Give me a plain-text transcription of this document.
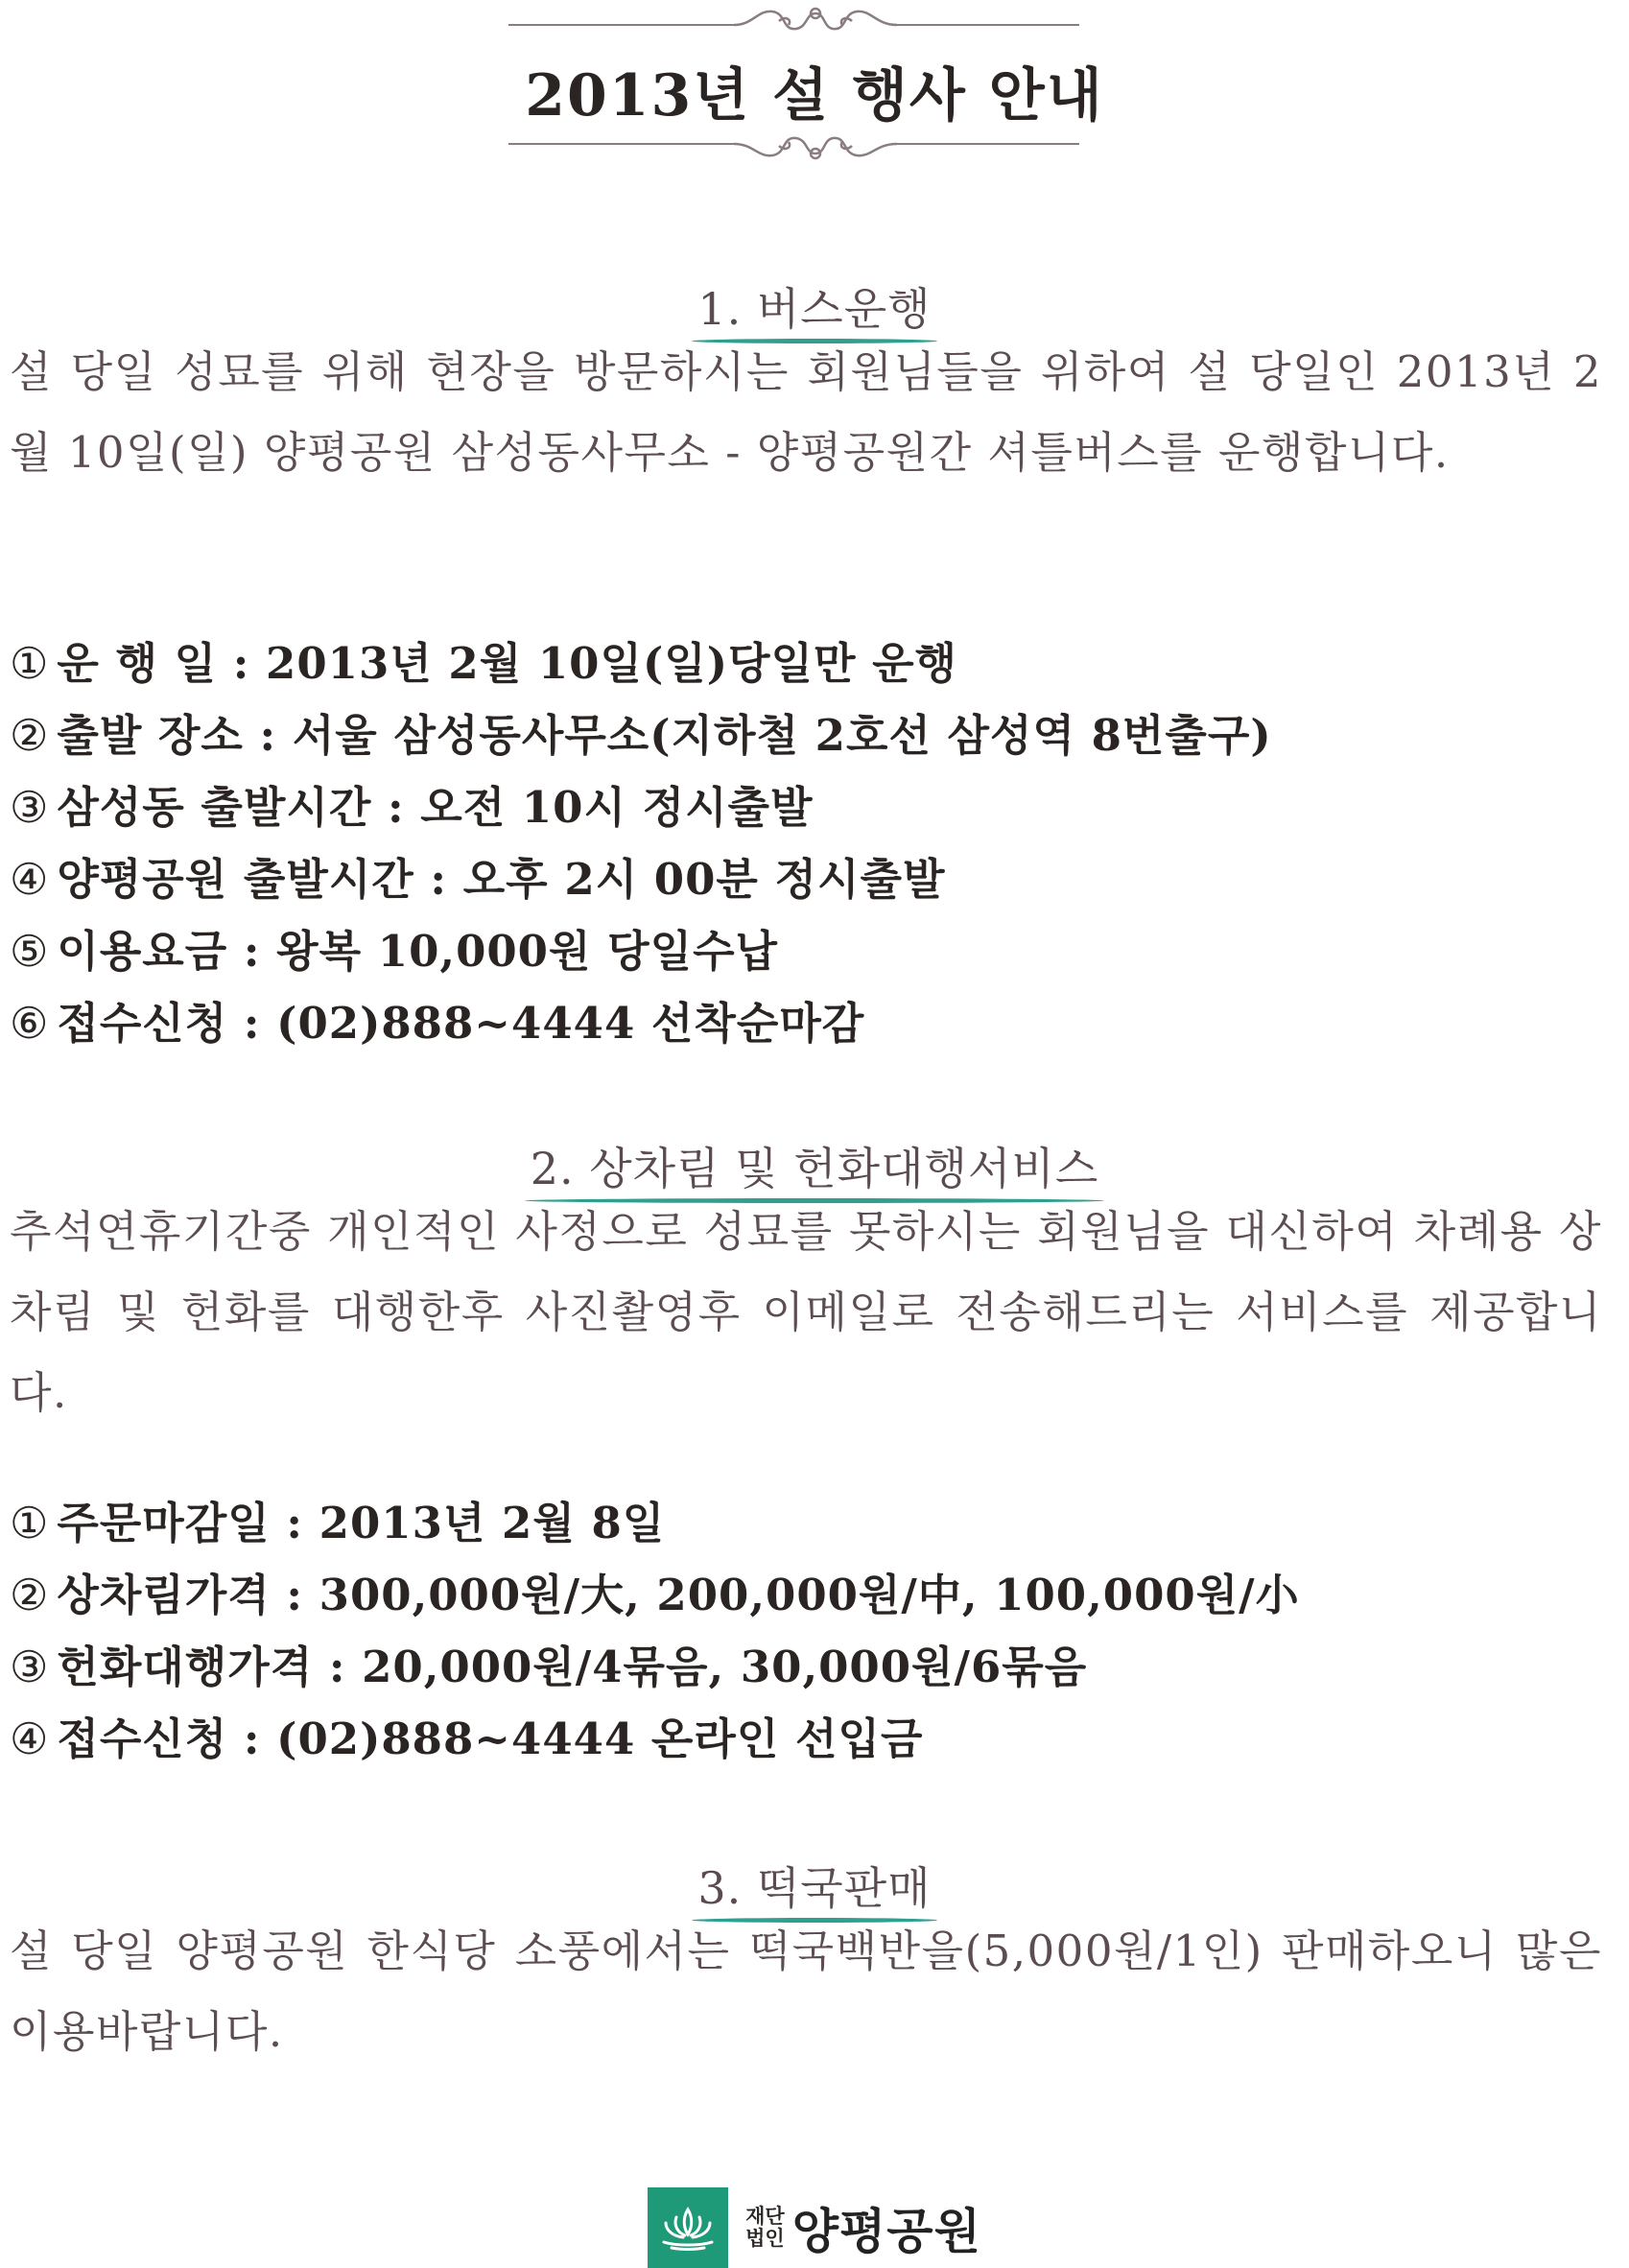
2013년 설 행사 안내
1. 버스운행

설 당일 성묘를 위해 현장을 방문하시는 회원님들을 위하여 설 당일인 2013년 2월 10일(일) 양평공원 삼성동사무소 - 양평공원간 셔틀버스를 운행합니다.

① 운 행 일 : 2013년 2월 10일(일)당일만 운행
② 출발 장소 : 서울 삼성동사무소(지하철 2호선 삼성역 8번출구)
③ 삼성동 출발시간 : 오전 10시 정시출발
④ 양평공원 출발시간 : 오후 2시 00분 정시출발
⑤ 이용요금 : 왕복 10,000원 당일수납
⑥ 접수신청 : (02)888~4444 선착순마감
2. 상차림 및 헌화대행서비스

추석연휴기간중 개인적인 사정으로 성묘를 못하시는 회원님을 대신하여 차례용 상차림 및 헌화를 대행한후 사진촬영후 이메일로 전송해드리는 서비스를 제공합니다.

① 주문마감일 : 2013년 2월 8일
② 상차림가격 : 300,000원/大, 200,000원/中, 100,000원/小
③ 헌화대행가격 : 20,000원/4묶음, 30,000원/6묶음
④ 접수신청 : (02)888~4444 온라인 선입금
3. 떡국판매

설 당일 양평공원 한식당 소풍에서는 떡국백반을(5,000원/1인) 판매하오니 많은 이용바랍니다.

재단
법인 양평공원
